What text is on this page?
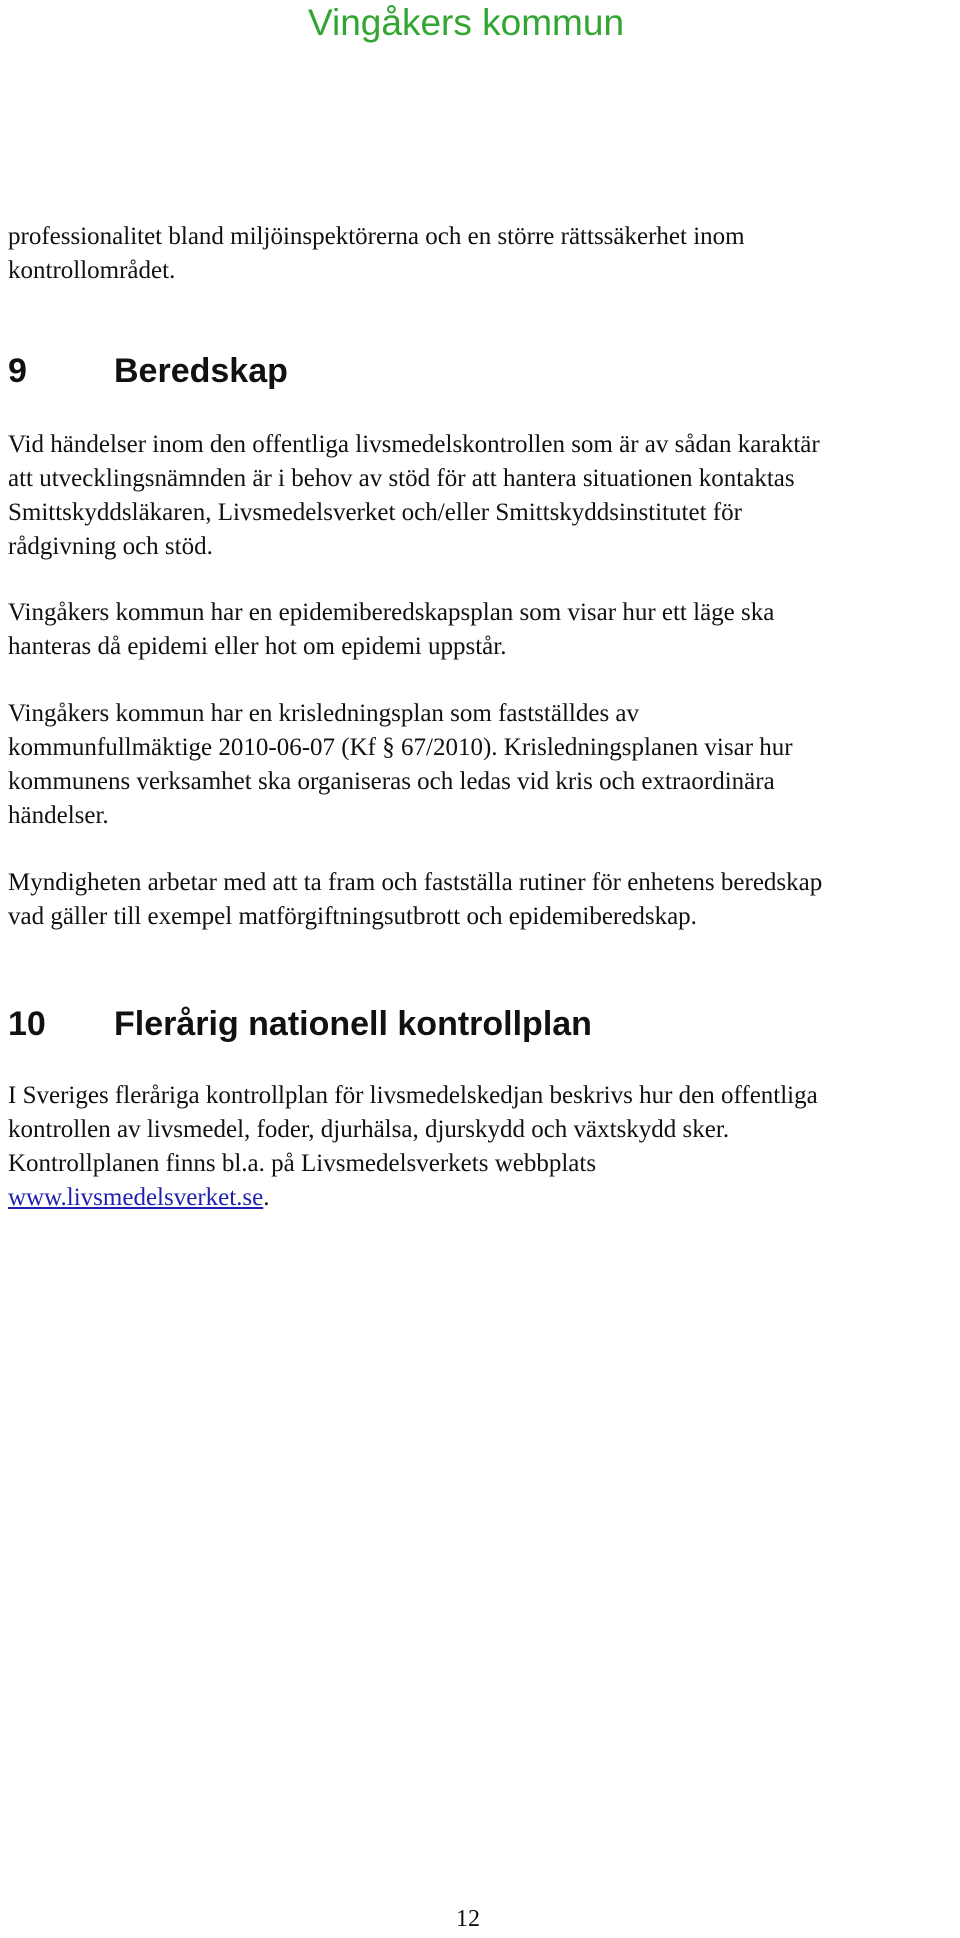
Vingåkers kommun

professionalitet bland miljöinspektörerna och en större rättssäkerhet inom
kontrollområdet.

9	Beredskap

Vid händelser inom den offentliga livsmedelskontrollen som är av sådan karaktär
att utvecklingsnämnden är i behov av stöd för att hantera situationen kontaktas
Smittskyddsläkaren, Livsmedelsverket och/eller Smittskyddsinstitutet för
rådgivning och stöd.

Vingåkers kommun har en epidemiberedskapsplan som visar hur ett läge ska
hanteras då epidemi eller hot om epidemi uppstår.

Vingåkers kommun har en krisledningsplan som fastställdes av
kommunfullmäktige 2010-06-07 (Kf § 67/2010). Krisledningsplanen visar hur
kommunens verksamhet ska organiseras och ledas vid kris och extraordinära
händelser.

Myndigheten arbetar med att ta fram och fastställa rutiner för enhetens beredskap
vad gäller till exempel matförgiftningsutbrott och epidemiberedskap.

10 Flerårig nationell kontrollplan

I Sveriges fleråriga kontrollplan för livsmedelskedjan beskrivs hur den offentliga
kontrollen av livsmedel, foder, djurhälsa, djurskydd och växtskydd sker.
Kontrollplanen finns bl.a. på Livsmedelsverkets webbplats
www.livsmedelsverket.se.

12
